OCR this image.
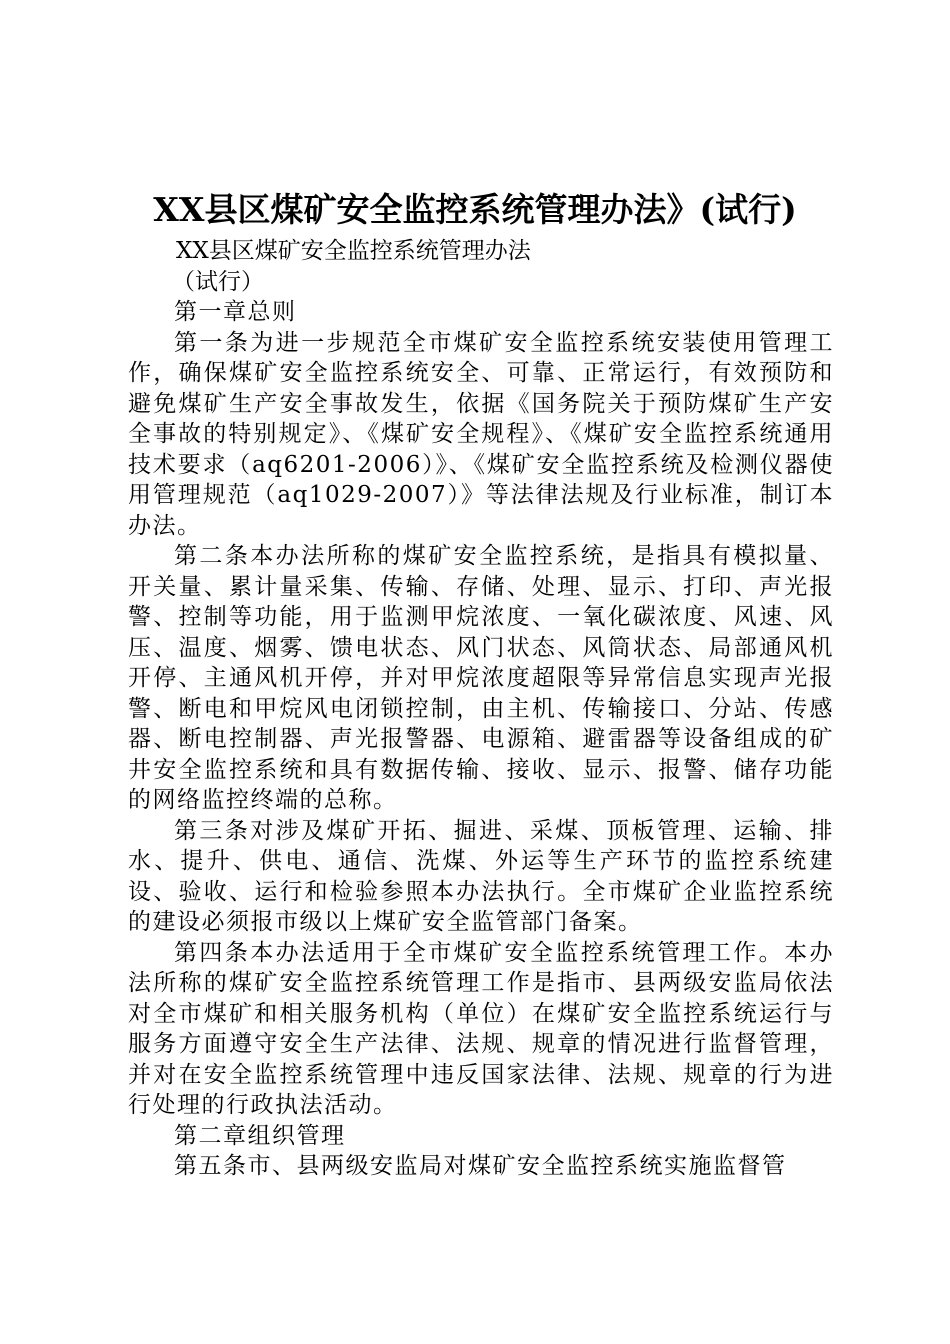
XX县区煤矿安全监控系统管理办法》(试行)

XX县区煤矿安全监控系统管理办法

（试行）

第一章总则

第一条为进一步规范全市煤矿安全监控系统安装使用管理工作，确保煤矿安全监控系统安全、可靠、正常运行，有效预防和避免煤矿生产安全事故发生，依据《国务院关于预防煤矿生产安全事故的特别规定》、《煤矿安全规程》、《煤矿安全监控系统通用技术要求（aq6201-2006）》、《煤矿安全监控系统及检测仪器使用管理规范（aq1029-2007）》等法律法规及行业标准，制订本办法。

第二条本办法所称的煤矿安全监控系统，是指具有模拟量、开关量、累计量采集、传输、存储、处理、显示、打印、声光报警、控制等功能，用于监测甲烷浓度、一氧化碳浓度、风速、风压、温度、烟雾、馈电状态、风门状态、风筒状态、局部通风机开停、主通风机开停，并对甲烷浓度超限等异常信息实现声光报警、断电和甲烷风电闭锁控制，由主机、传输接口、分站、传感器、断电控制器、声光报警器、电源箱、避雷器等设备组成的矿井安全监控系统和具有数据传输、接收、显示、报警、储存功能的网络监控终端的总称。

第三条对涉及煤矿开拓、掘进、采煤、顶板管理、运输、排水、提升、供电、通信、洗煤、外运等生产环节的监控系统建设、验收、运行和检验参照本办法执行。全市煤矿企业监控系统的建设必须报市级以上煤矿安全监管部门备案。

第四条本办法适用于全市煤矿安全监控系统管理工作。本办法所称的煤矿安全监控系统管理工作是指市、县两级安监局依法对全市煤矿和相关服务机构（单位）在煤矿安全监控系统运行与服务方面遵守安全生产法律、法规、规章的情况进行监督管理，并对在安全监控系统管理中违反国家法律、法规、规章的行为进行处理的行政执法活动。

第二章组织管理

第五条市、县两级安监局对煤矿安全监控系统实施监督管
